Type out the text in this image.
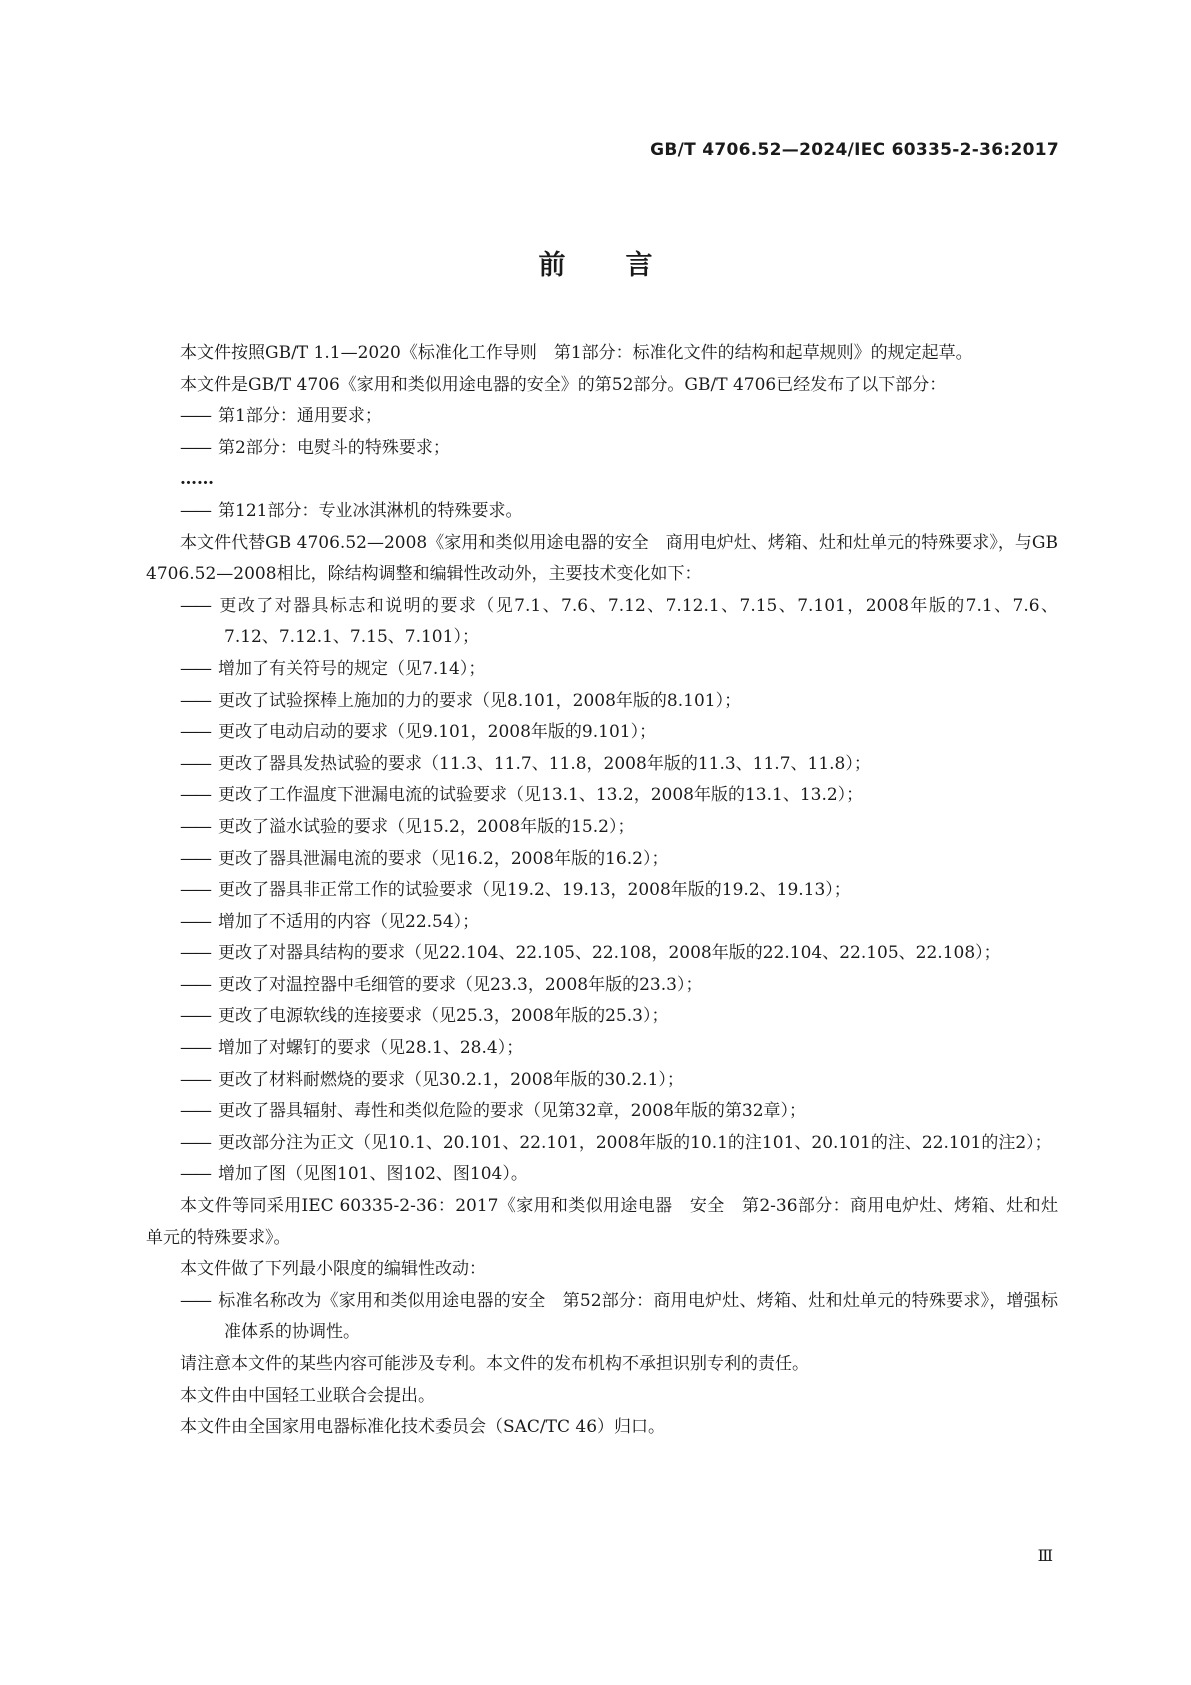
GB/T 4706.52—2024/IEC 60335-2-36:2017
前言

本文件按照GB/T 1.1—2020《标准化工作导则　第1部分：标准化文件的结构和起草规则》的规定起草。

本文件是GB/T 4706《家用和类似用途电器的安全》的第52部分。GB/T 4706已经发布了以下部分：

—— 第1部分：通用要求；

—— 第2部分：电熨斗的特殊要求；

……

—— 第121部分：专业冰淇淋机的特殊要求。

本文件代替GB 4706.52—2008《家用和类似用途电器的安全　商用电炉灶、烤箱、灶和灶单元的特殊要求》，与GB 4706.52—2008相比，除结构调整和编辑性改动外，主要技术变化如下：

—— 更改了对器具标志和说明的要求（见7.1、7.6、7.12、7.12.1、7.15、7.101，2008年版的7.1、7.6、7.12、7.12.1、7.15、7.101）；

—— 增加了有关符号的规定（见7.14）；

—— 更改了试验探棒上施加的力的要求（见8.101，2008年版的8.101）；

—— 更改了电动启动的要求（见9.101，2008年版的9.101）；

—— 更改了器具发热试验的要求（11.3、11.7、11.8，2008年版的11.3、11.7、11.8）；

—— 更改了工作温度下泄漏电流的试验要求（见13.1、13.2，2008年版的13.1、13.2）；

—— 更改了溢水试验的要求（见15.2，2008年版的15.2）；

—— 更改了器具泄漏电流的要求（见16.2，2008年版的16.2）；

—— 更改了器具非正常工作的试验要求（见19.2、19.13，2008年版的19.2、19.13）；

—— 增加了不适用的内容（见22.54）；

—— 更改了对器具结构的要求（见22.104、22.105、22.108，2008年版的22.104、22.105、22.108）；

—— 更改了对温控器中毛细管的要求（见23.3，2008年版的23.3）；

—— 更改了电源软线的连接要求（见25.3，2008年版的25.3）；

—— 增加了对螺钉的要求（见28.1、28.4）；

—— 更改了材料耐燃烧的要求（见30.2.1，2008年版的30.2.1）；

—— 更改了器具辐射、毒性和类似危险的要求（见第32章，2008年版的第32章）；

—— 更改部分注为正文（见10.1、20.101、22.101，2008年版的10.1的注101、20.101的注、22.101的注2）；

—— 增加了图（见图101、图102、图104）。

本文件等同采用IEC 60335-2-36：2017《家用和类似用途电器　安全　第2-36部分：商用电炉灶、烤箱、灶和灶单元的特殊要求》。

本文件做了下列最小限度的编辑性改动：

—— 标准名称改为《家用和类似用途电器的安全　第52部分：商用电炉灶、烤箱、灶和灶单元的特殊要求》，增强标准体系的协调性。

请注意本文件的某些内容可能涉及专利。本文件的发布机构不承担识别专利的责任。

本文件由中国轻工业联合会提出。

本文件由全国家用电器标准化技术委员会（SAC/TC 46）归口。

Ⅲ
